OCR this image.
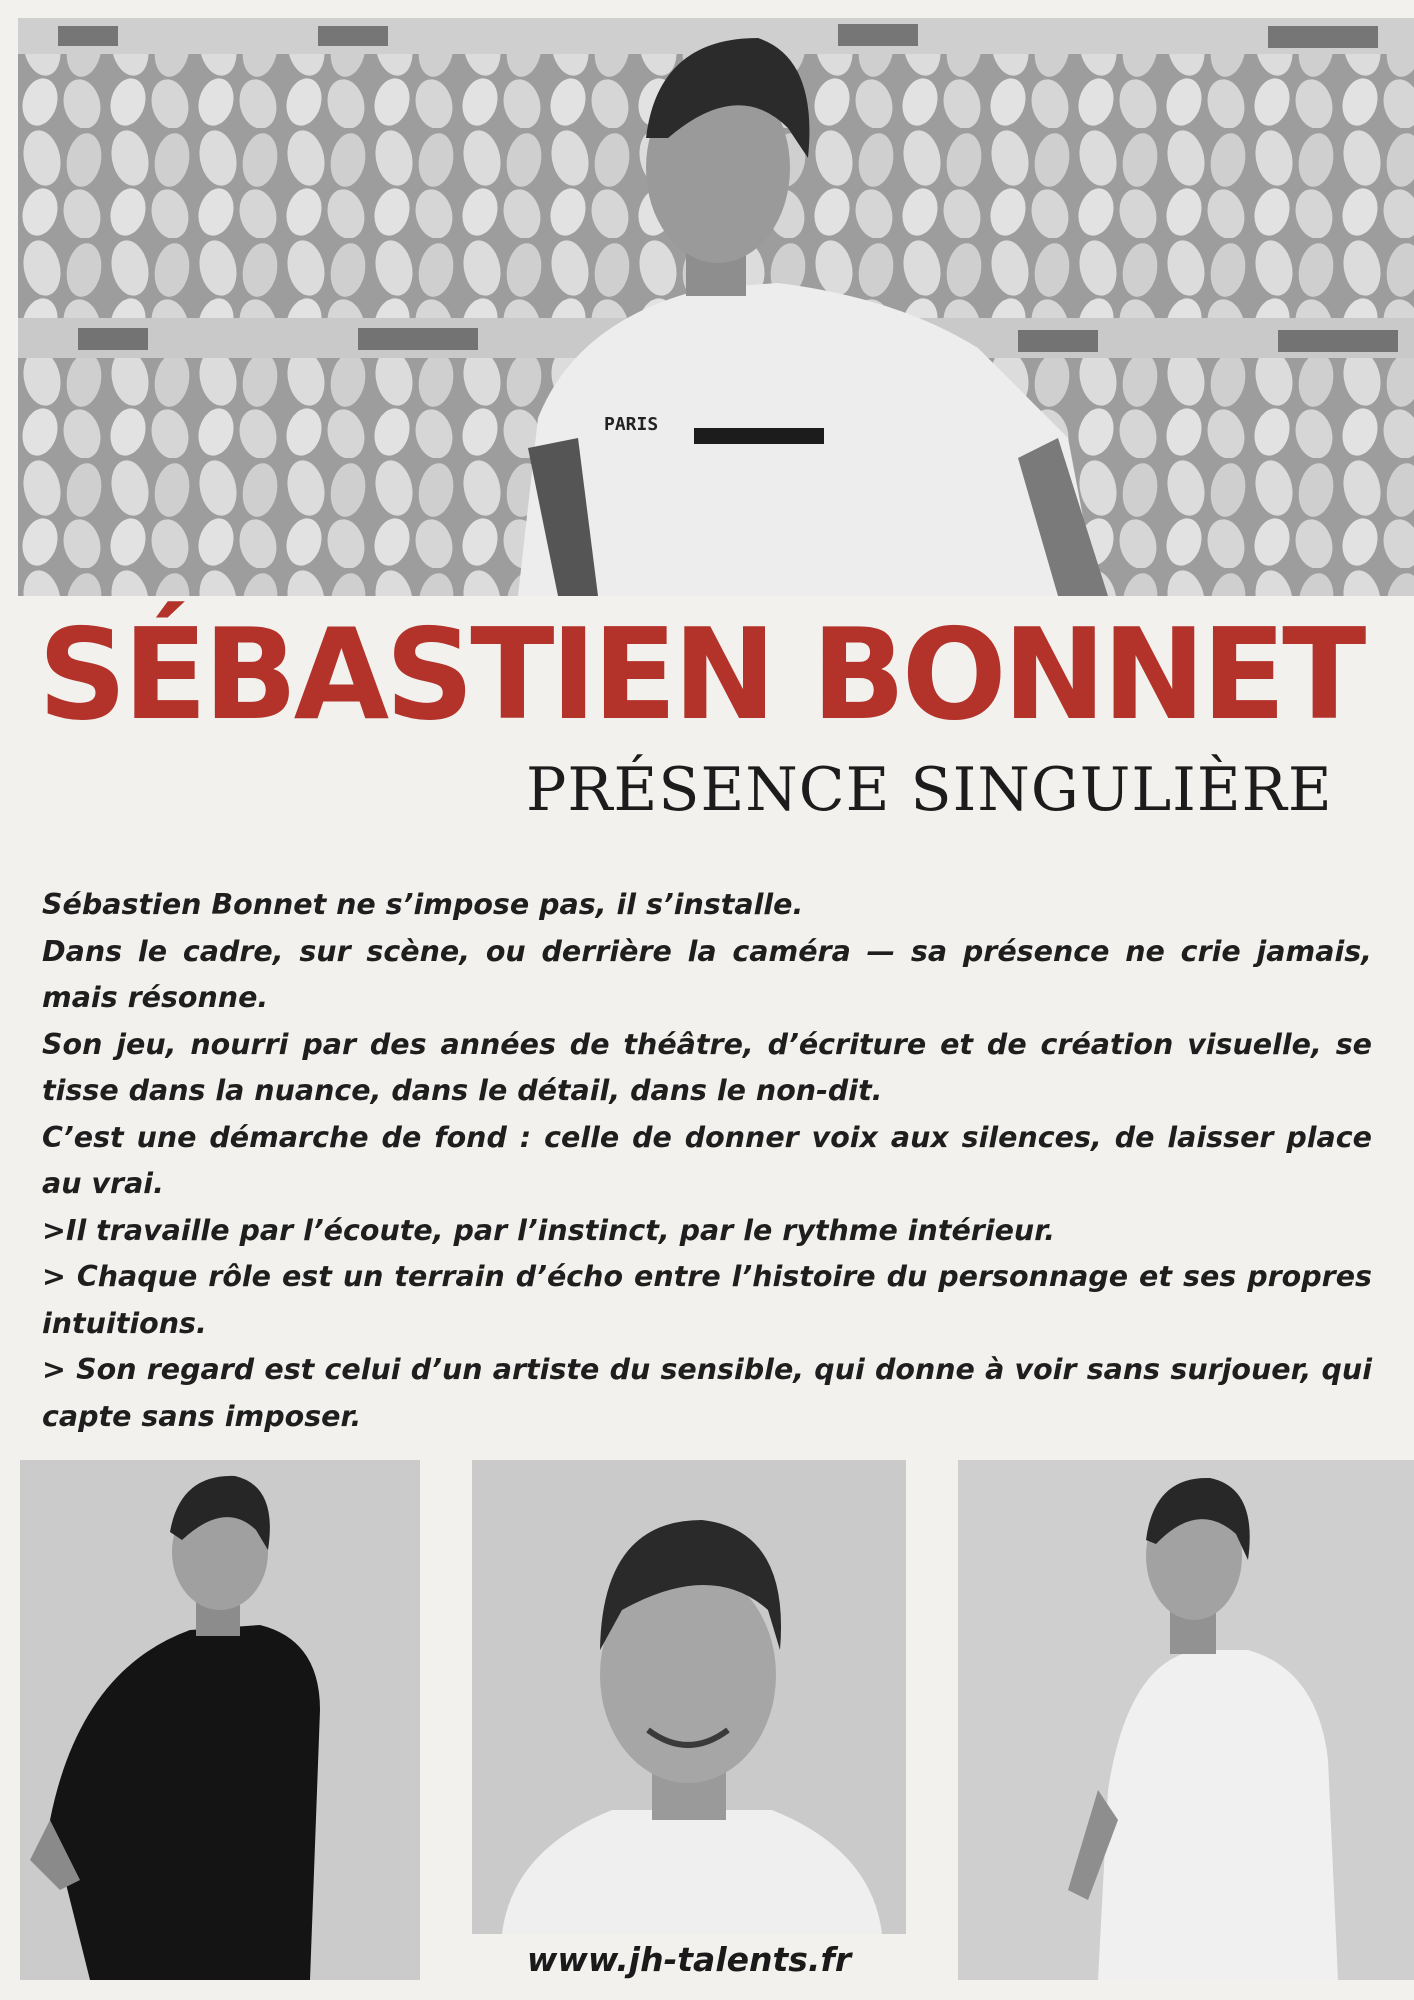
PARIS
SÉBASTIEN BONNET
PRÉSENCE SINGULIÈRE

Sébastien Bonnet ne s’impose pas, il s’installe.

Dans le cadre, sur scène, ou derrière la caméra — sa présence ne crie jamais, mais résonne.

Son jeu, nourri par des années de théâtre, d’écriture et de création visuelle, se tisse dans la nuance, dans le détail, dans le non-dit.

C’est une démarche de fond : celle de donner voix aux silences, de laisser place au vrai.

>Il travaille par l’écoute, par l’instinct, par le rythme intérieur.

> Chaque rôle est un terrain d’écho entre l’histoire du personnage et ses propres intuitions.

> Son regard est celui d’un artiste du sensible, qui donne à voir sans surjouer, qui capte sans imposer.

www.jh-talents.fr
